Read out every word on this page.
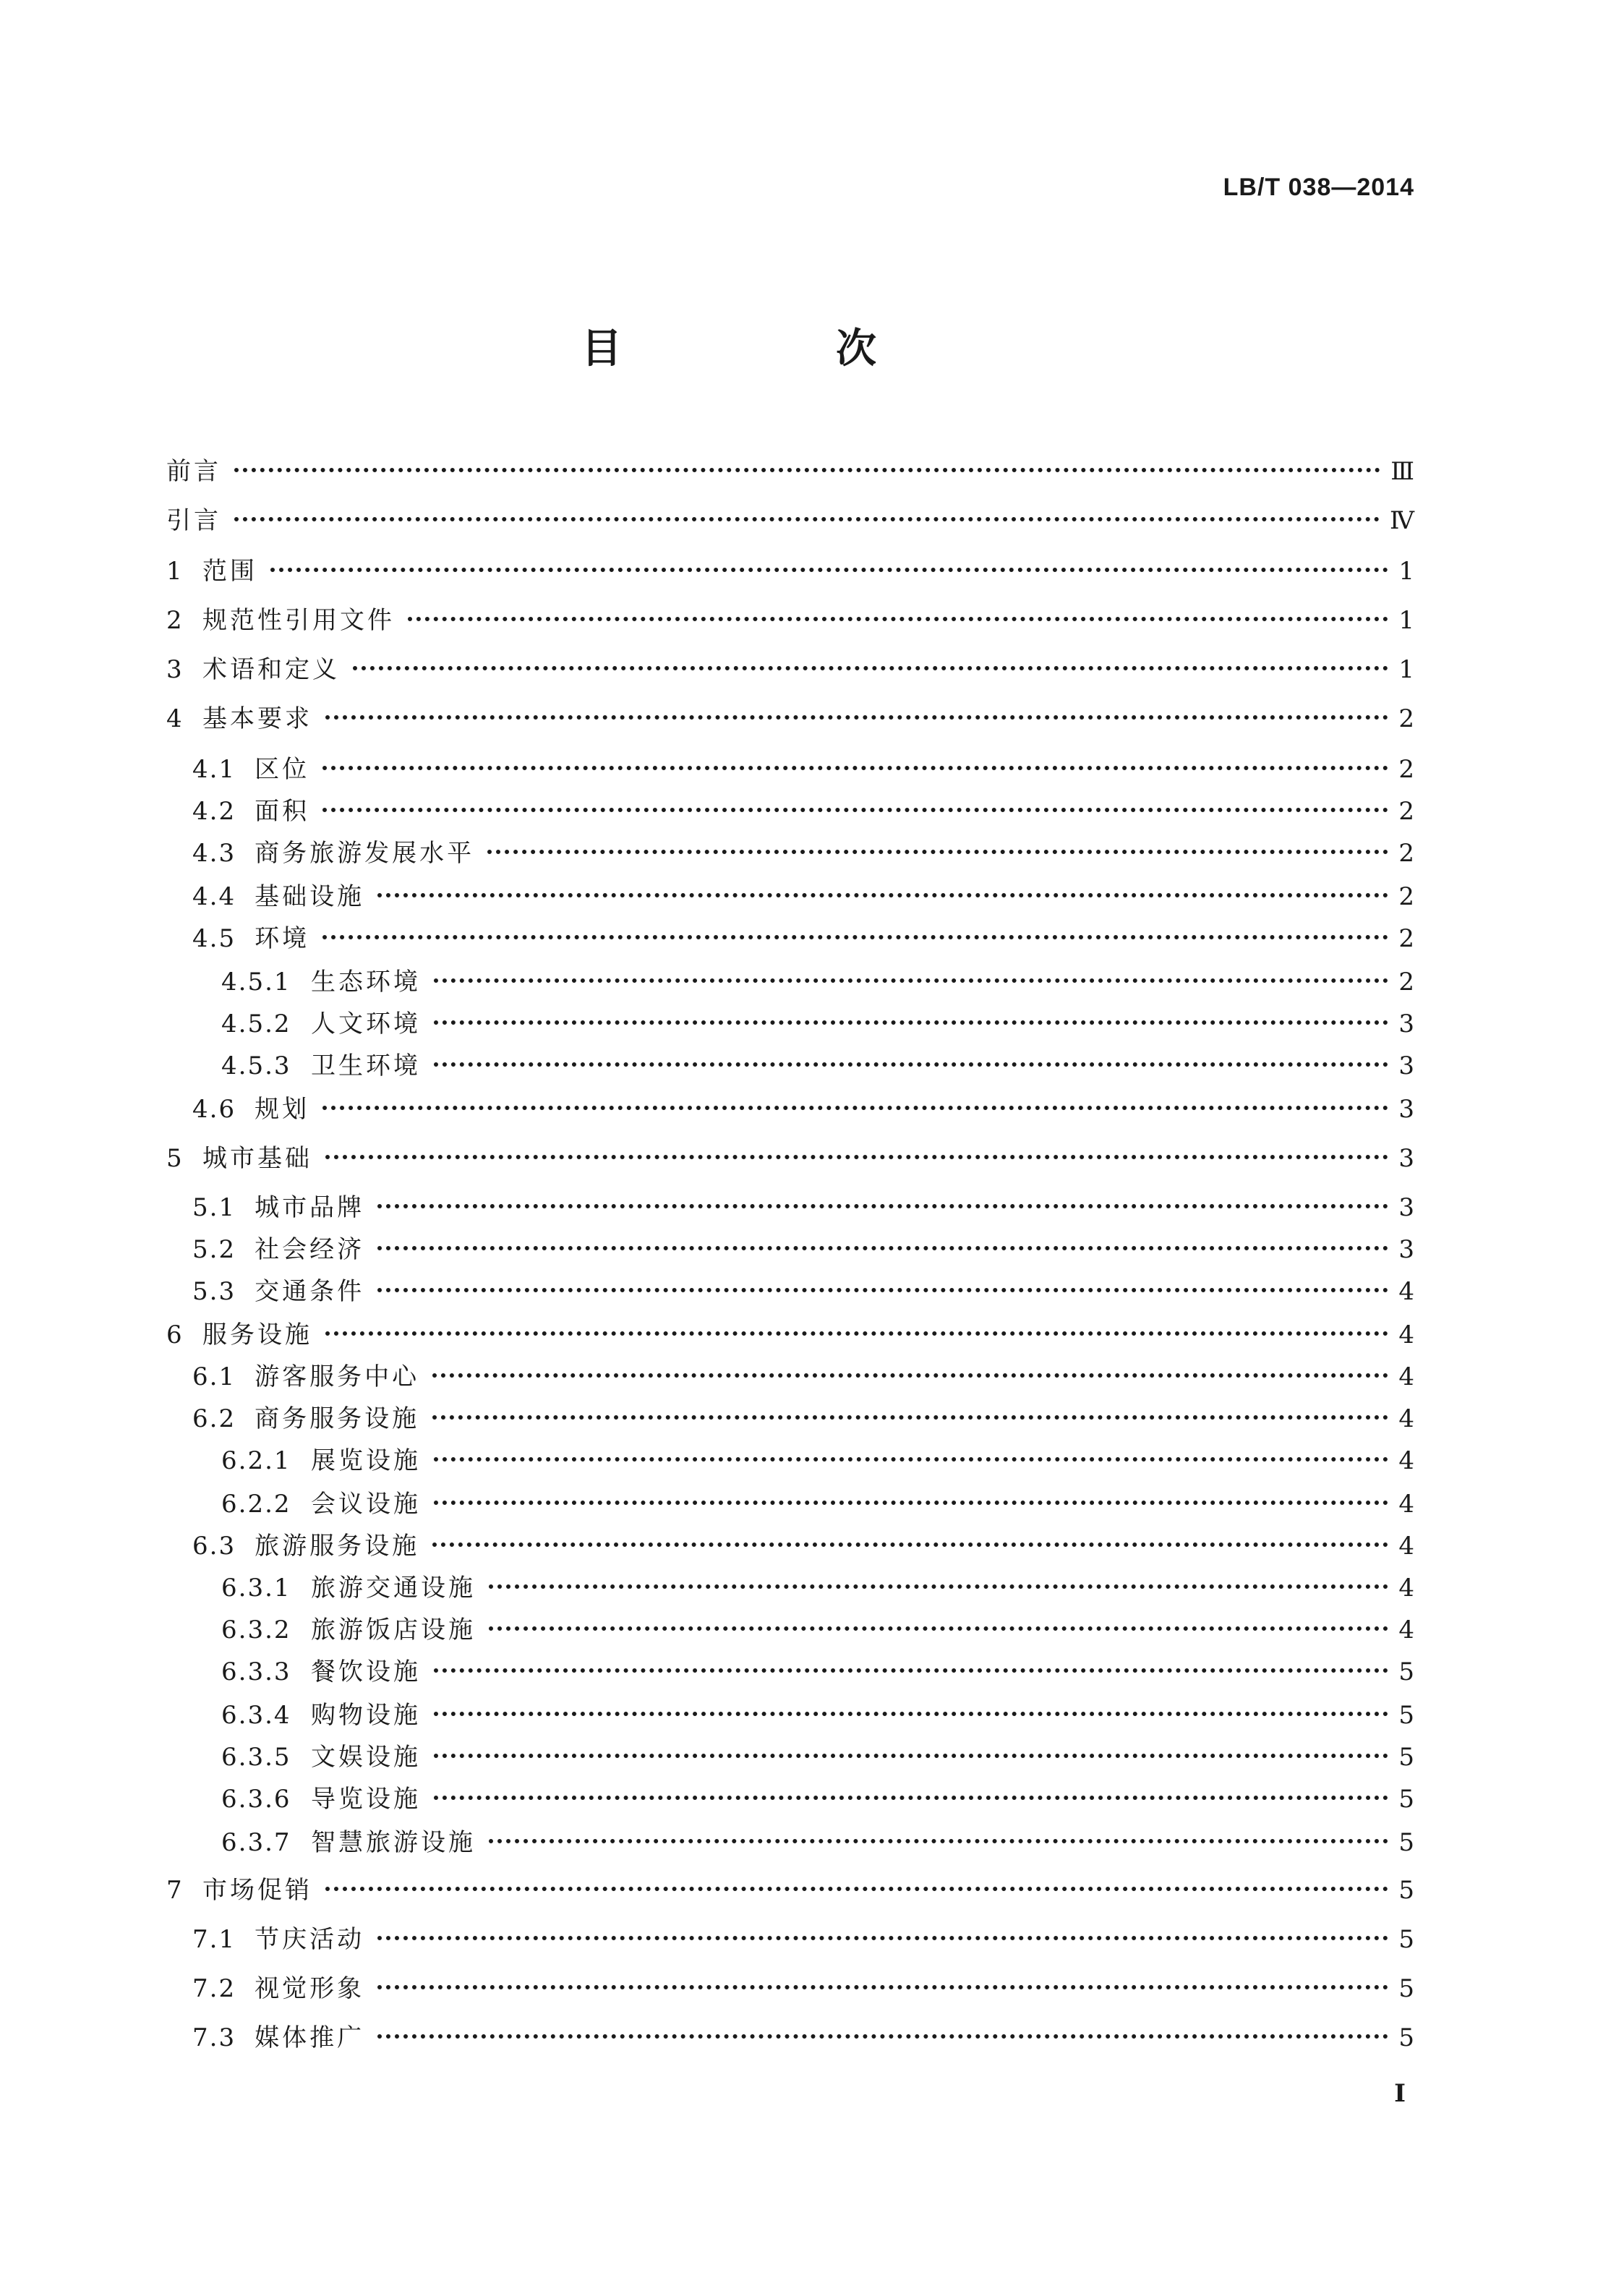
LB/T 038—2014
目　次
前言	Ⅲ
引言	Ⅳ
1 范围	1
2 规范性引用文件	1
3 术语和定义	1
4 基本要求	2
4.1 区位	2
4.2 面积	2
4.3 商务旅游发展水平	2
4.4 基础设施	2
4.5 环境	2
4.5.1 生态环境	2
4.5.2 人文环境	3
4.5.3 卫生环境	3
4.6 规划	3
5 城市基础	3
5.1 城市品牌	3
5.2 社会经济	3
5.3 交通条件	4
6 服务设施	4
6.1 游客服务中心	4
6.2 商务服务设施	4
6.2.1 展览设施	4
6.2.2 会议设施	4
6.3 旅游服务设施	4
6.3.1 旅游交通设施	4
6.3.2 旅游饭店设施	4
6.3.3 餐饮设施	5
6.3.4 购物设施	5
6.3.5 文娱设施	5
6.3.6 导览设施	5
6.3.7 智慧旅游设施	5
7 市场促销	5
7.1 节庆活动	5
7.2 视觉形象	5
7.3 媒体推广	5
I
